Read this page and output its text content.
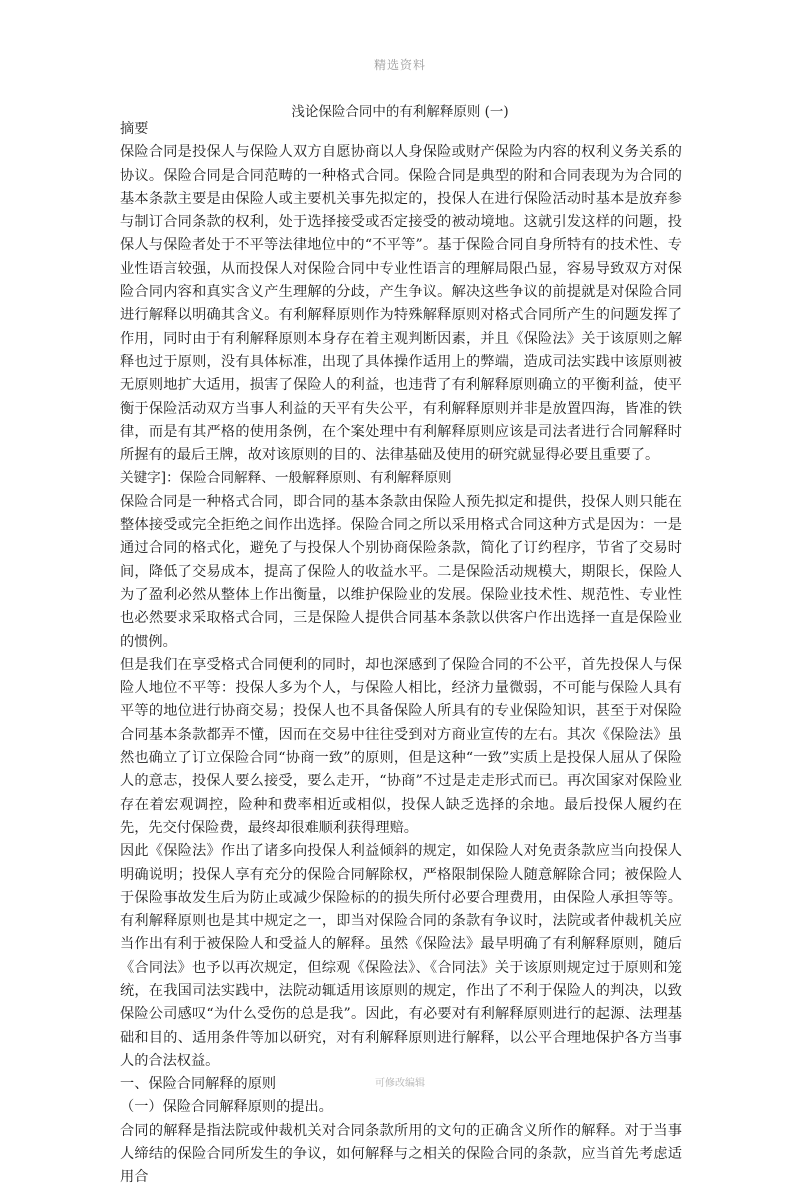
精选资料
浅论保险合同中的有利解释原则 (一)

摘要

保险合同是投保人与保险人双方自愿协商以人身保险或财产保险为内容的权利义务关系的协议。保险合同是合同范畴的一种格式合同。保险合同是典型的附和合同表现为为合同的基本条款主要是由保险人或主要机关事先拟定的，投保人在进行保险活动时基本是放弃参与制订合同条款的权利，处于选择接受或否定接受的被动境地。这就引发这样的问题，投保人与保险者处于不平等法律地位中的“不平等”。基于保险合同自身所特有的技术性、专业性语言较强，从而投保人对保险合同中专业性语言的理解局限凸显，容易导致双方对保险合同内容和真实含义产生理解的分歧，产生争议。解决这些争议的前提就是对保险合同进行解释以明确其含义。有利解释原则作为特殊解释原则对格式合同所产生的问题发挥了作用，同时由于有利解释原则本身存在着主观判断因素，并且《保险法》关于该原则之解释也过于原则，没有具体标准，出现了具体操作适用上的弊端，造成司法实践中该原则被无原则地扩大适用，损害了保险人的利益，也违背了有利解释原则确立的平衡利益，使平衡于保险活动双方当事人利益的天平有失公平，有利解释原则并非是放置四海，皆准的铁律，而是有其严格的使用条例，在个案处理中有利解释原则应该是司法者进行合同解释时所握有的最后王牌，故对该原则的目的、法律基础及使用的研究就显得必要且重要了。

关键字]：保险合同解释、一般解释原则、有利解释原则

保险合同是一种格式合同，即合同的基本条款由保险人预先拟定和提供，投保人则只能在整体接受或完全拒绝之间作出选择。保险合同之所以采用格式合同这种方式是因为：一是通过合同的格式化，避免了与投保人个别协商保险条款，简化了订约程序，节省了交易时间，降低了交易成本，提高了保险人的收益水平。二是保险活动规模大，期限长，保险人为了盈利必然从整体上作出衡量，以维护保险业的发展。保险业技术性、规范性、专业性也必然要求采取格式合同，三是保险人提供合同基本条款以供客户作出选择一直是保险业的惯例。

但是我们在享受格式合同便利的同时，却也深感到了保险合同的不公平，首先投保人与保险人地位不平等：投保人多为个人，与保险人相比，经济力量微弱，不可能与保险人具有平等的地位进行协商交易；投保人也不具备保险人所具有的专业保险知识，甚至于对保险合同基本条款都弄不懂，因而在交易中往往受到对方商业宣传的左右。其次《保险法》虽然也确立了订立保险合同“协商一致”的原则，但是这种“一致”实质上是投保人屈从了保险人的意志，投保人要么接受，要么走开，“协商”不过是走走形式而已。再次国家对保险业存在着宏观调控，险种和费率相近或相似，投保人缺乏选择的余地。最后投保人履约在先，先交付保险费，最终却很难顺利获得理赔。

因此《保险法》作出了诸多向投保人利益倾斜的规定，如保险人对免责条款应当向投保人明确说明；投保人享有充分的保险合同解除权，严格限制保险人随意解除合同；被保险人于保险事故发生后为防止或减少保险标的的损失所付必要合理费用，由保险人承担等等。有利解释原则也是其中规定之一，即当对保险合同的条款有争议时，法院或者仲裁机关应当作出有利于被保险人和受益人的解释。虽然《保险法》最早明确了有利解释原则，随后《合同法》也予以再次规定，但综观《保险法》、《合同法》关于该原则规定过于原则和笼统，在我国司法实践中，法院动辄适用该原则的规定，作出了不利于保险人的判决，以致保险公司感叹“为什么受伤的总是我”。因此，有必要对有利解释原则进行的起源、法理基础和目的、适用条件等加以研究，对有利解释原则进行解释，以公平合理地保护各方当事人的合法权益。

一、保险合同解释的原则

（一）保险合同解释原则的提出。

合同的解释是指法院或仲裁机关对合同条款所用的文句的正确含义所作的解释。对于当事人缔结的保险合同所发生的争议，如何解释与之相关的保险合同的条款，应当首先考虑适用合

可修改编辑
